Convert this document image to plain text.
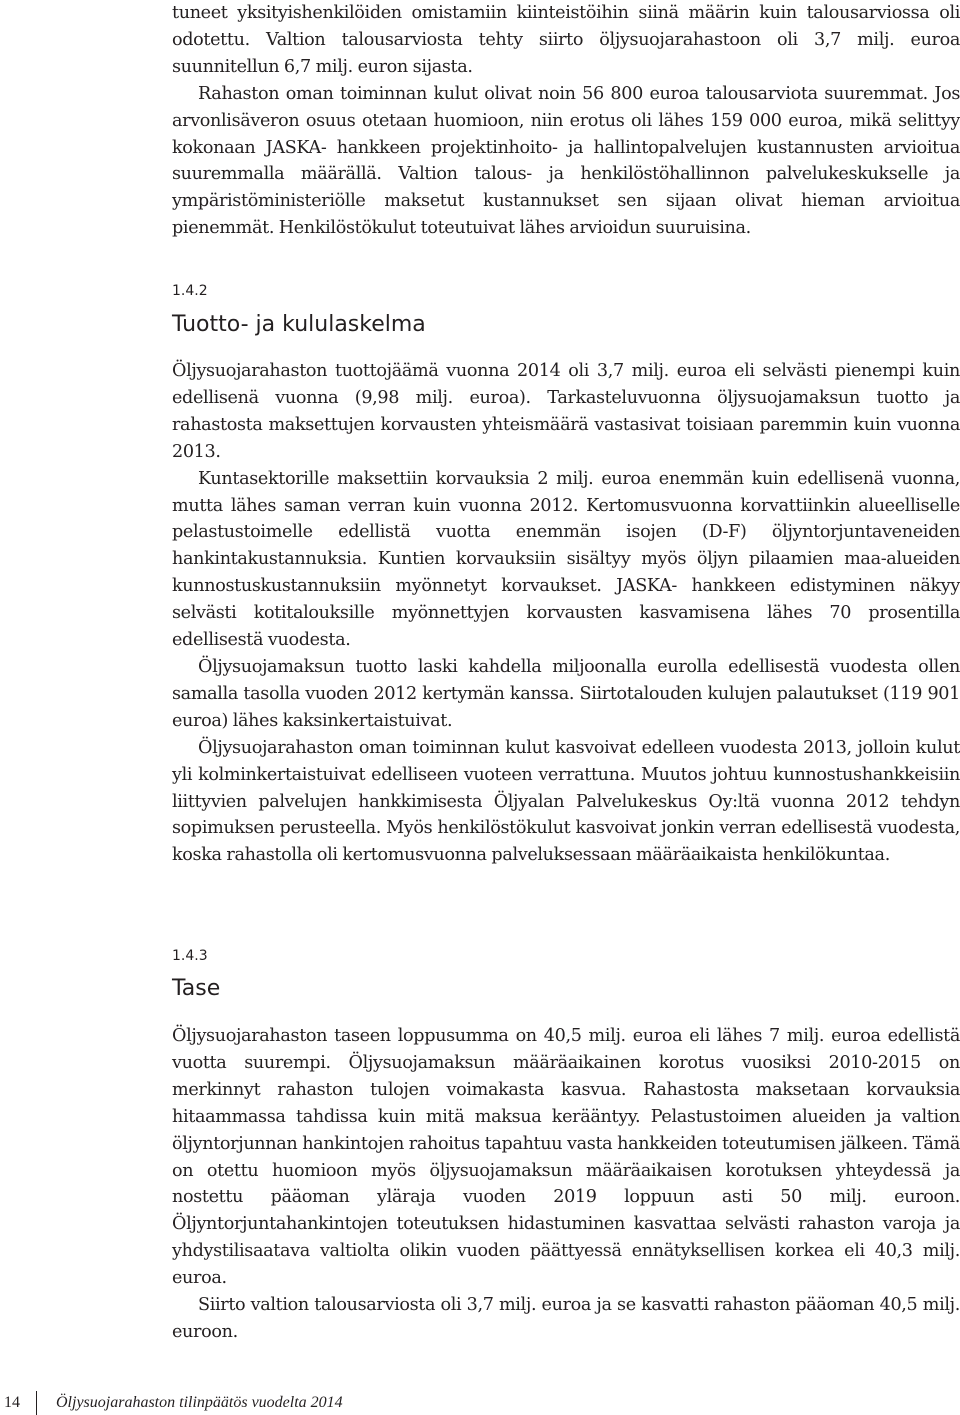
tuneet yksityishenkilöiden omistamiin kiinteistöihin siinä määrin kuin talousarviossa oli odotettu. Valtion talousarviosta tehty siirto öljysuojarahastoon oli 3,7 milj. euroa suunnitellun 6,7 milj. euron sijasta.

Rahaston oman toiminnan kulut olivat noin 56 800 euroa talousarviota suuremmat. Jos arvonlisäveron osuus otetaan huomioon, niin erotus oli lähes 159 000 euroa, mikä selittyy kokonaan JASKA- hankkeen projektinhoito- ja hallintopalvelujen kustannusten arvioitua suuremmalla määrällä. Valtion talous- ja henkilöstöhallinnon palvelukeskukselle ja ympäristöministeriölle maksetut kustannukset sen sijaan olivat hieman arvioitua pienemmät. Henkilöstökulut toteutuivat lähes arvioidun suuruisina.

1.4.2
Tuotto- ja kululaskelma

Öljysuojarahaston tuottojäämä vuonna 2014 oli 3,7 milj. euroa eli selvästi pienempi kuin edellisenä vuonna (9,98 milj. euroa). Tarkasteluvuonna öljysuojamaksun tuotto ja rahastosta maksettujen korvausten yhteismäärä vastasivat toisiaan paremmin kuin vuonna 2013.

Kuntasektorille maksettiin korvauksia 2 milj. euroa enemmän kuin edellisenä vuonna, mutta lähes saman verran kuin vuonna 2012. Kertomusvuonna korvattiinkin alueelliselle pelastustoimelle edellistä vuotta enemmän isojen (D-F) öljyntorjuntaveneiden hankintakustannuksia. Kuntien korvauksiin sisältyy myös öljyn pilaamien maa-alueiden kunnostuskustannuksiin myönnetyt korvaukset. JASKA- hankkeen edistyminen näkyy selvästi kotitalouksille myönnettyjen korvausten kasvamisena lähes 70 prosentilla edellisestä vuodesta.

Öljysuojamaksun tuotto laski kahdella miljoonalla eurolla edellisestä vuodesta ollen samalla tasolla vuoden 2012 kertymän kanssa. Siirtotalouden kulujen palautukset (119 901 euroa) lähes kaksinkertaistuivat.

Öljysuojarahaston oman toiminnan kulut kasvoivat edelleen vuodesta 2013, jolloin kulut yli kolminkertaistuivat edelliseen vuoteen verrattuna. Muutos johtuu kunnostushankkeisiin liittyvien palvelujen hankkimisesta Öljyalan Palvelukeskus Oy:ltä vuonna 2012 tehdyn sopimuksen perusteella. Myös henkilöstökulut kasvoivat jonkin verran edellisestä vuodesta, koska rahastolla oli kertomusvuonna palveluksessaan määräaikaista henkilökuntaa.

1.4.3
Tase

Öljysuojarahaston taseen loppusumma on 40,5 milj. euroa eli lähes 7 milj. euroa edellistä vuotta suurempi. Öljysuojamaksun määräaikainen korotus vuosiksi 2010-2015 on merkinnyt rahaston tulojen voimakasta kasvua. Rahastosta maksetaan korvauksia hitaammassa tahdissa kuin mitä maksua kerääntyy. Pelastustoimen alueiden ja valtion öljyntorjunnan hankintojen rahoitus tapahtuu vasta hankkeiden toteutumisen jälkeen. Tämä on otettu huomioon myös öljysuojamaksun määräaikaisen korotuksen yhteydessä ja nostettu pääoman yläraja vuoden 2019 loppuun asti 50 milj. euroon. Öljyntorjuntahankintojen toteutuksen hidastuminen kasvattaa selvästi rahaston varoja ja yhdystilisaatava valtiolta olikin vuoden päättyessä ennätyksellisen korkea eli 40,3 milj. euroa.

Siirto valtion talousarviosta oli 3,7 milj. euroa ja se kasvatti rahaston pääoman 40,5 milj. euroon.

14 Öljysuojarahaston tilinpäätös vuodelta 2014
